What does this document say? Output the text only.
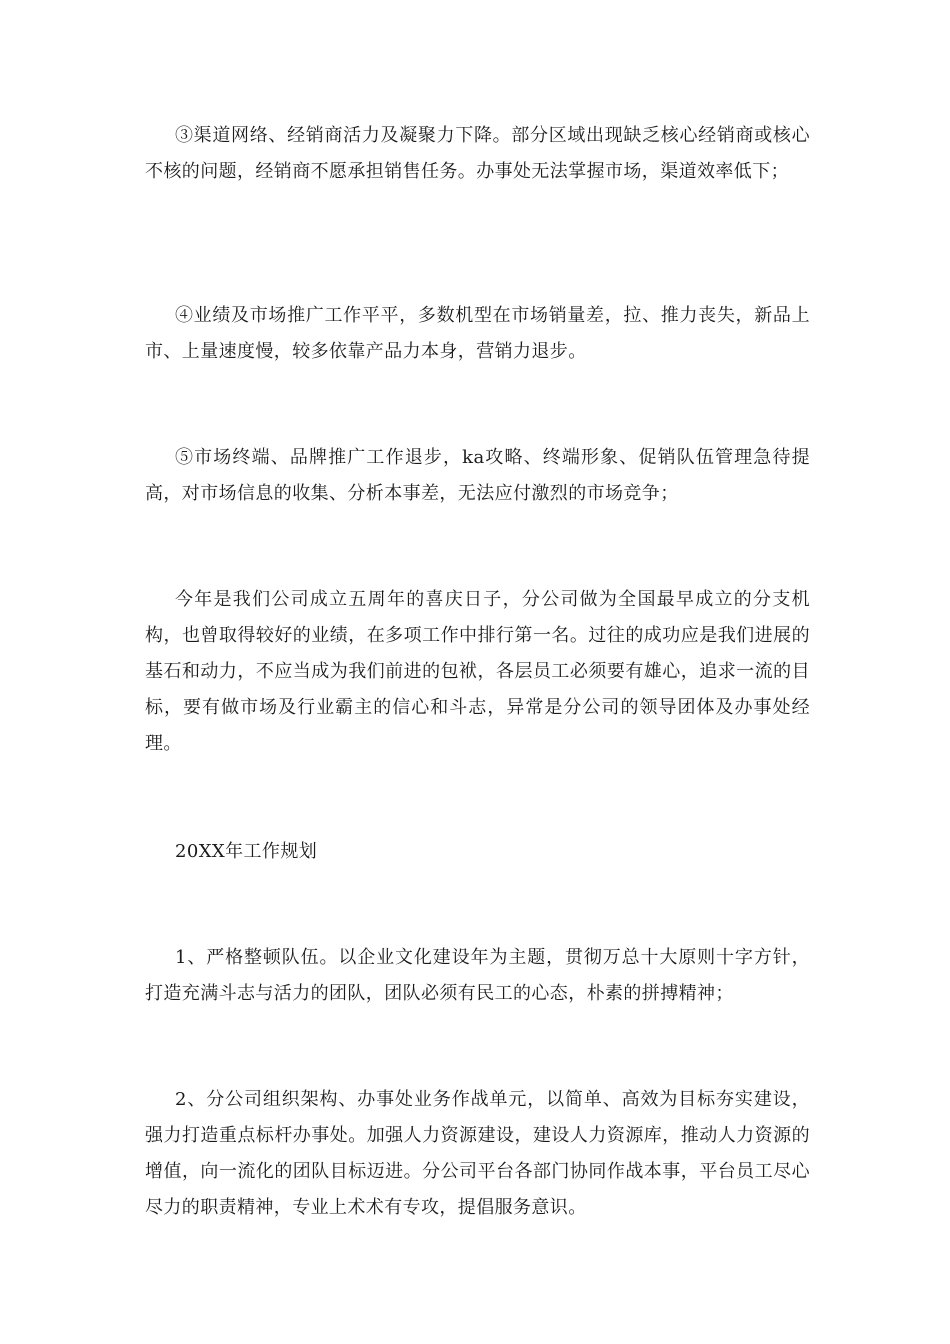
③渠道网络、经销商活力及凝聚力下降。部分区域出现缺乏核心经销商或核心不核的问题，经销商不愿承担销售任务。办事处无法掌握市场，渠道效率低下；

④业绩及市场推广工作平平，多数机型在市场销量差，拉、推力丧失，新品上市、上量速度慢，较多依靠产品力本身，营销力退步。

⑤市场终端、品牌推广工作退步，ka攻略、终端形象、促销队伍管理急待提高，对市场信息的收集、分析本事差，无法应付激烈的市场竞争；

今年是我们公司成立五周年的喜庆日子，分公司做为全国最早成立的分支机构，也曾取得较好的业绩，在多项工作中排行第一名。过往的成功应是我们进展的基石和动力，不应当成为我们前进的包袱，各层员工必须要有雄心，追求一流的目标，要有做市场及行业霸主的信心和斗志，异常是分公司的领导团体及办事处经理。

20XX年工作规划

1、严格整顿队伍。以企业文化建设年为主题，贯彻万总十大原则十字方针，打造充满斗志与活力的团队，团队必须有民工的心态，朴素的拼搏精神；

2、分公司组织架构、办事处业务作战单元，以简单、高效为目标夯实建设，强力打造重点标杆办事处。加强人力资源建设，建设人力资源库，推动人力资源的增值，向一流化的团队目标迈进。分公司平台各部门协同作战本事，平台员工尽心尽力的职责精神，专业上术术有专攻，提倡服务意识。
